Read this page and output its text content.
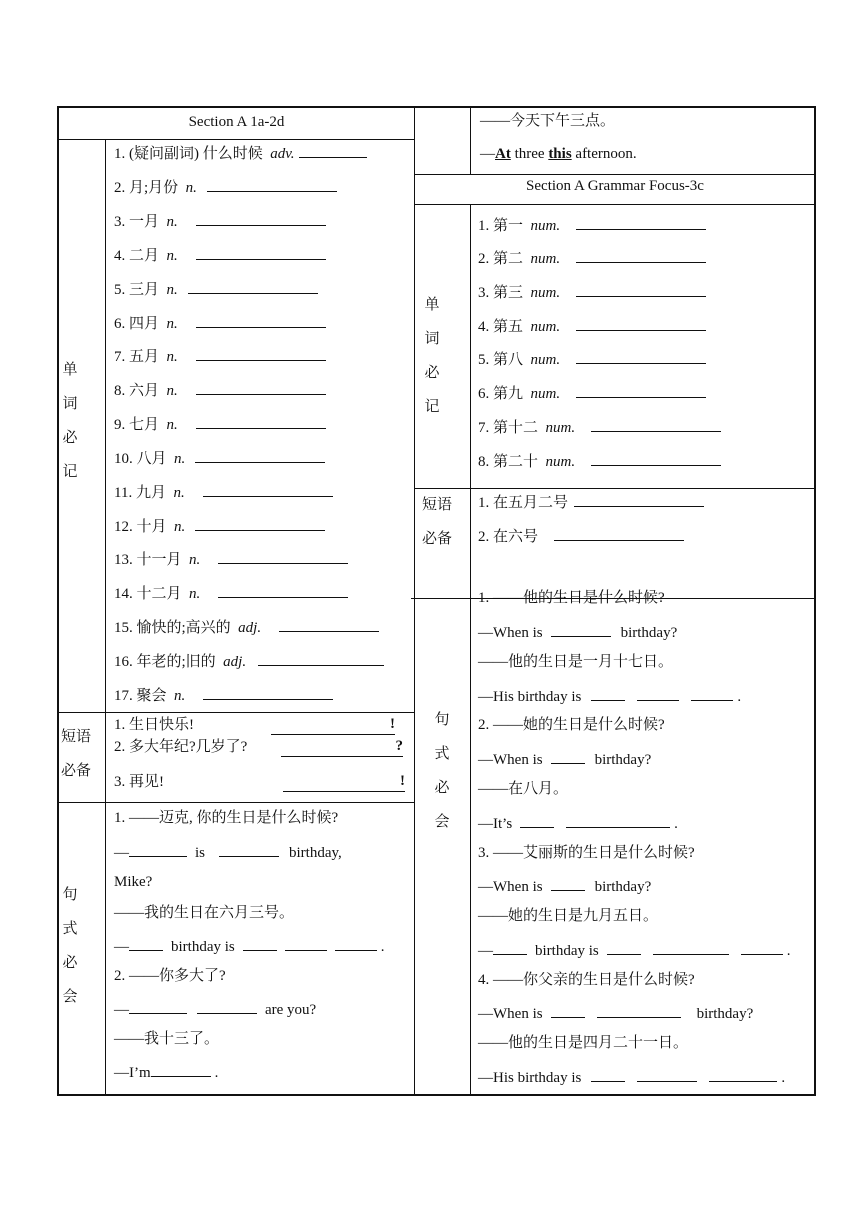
Section A 1a-2d
单
词
必
记
1. (疑问副词) 什么时候 adv.
2. 月;月份 n.
3. 一月 n.
4. 二月 n.
5. 三月 n.
6. 四月 n.
7. 五月 n.
8. 六月 n.
9. 七月 n.
10. 八月 n.
11. 九月 n.
12. 十月 n.
13. 十一月 n.
14. 十二月 n.
15. 愉快的;高兴的 adj.
16. 年老的;旧的 adj.
17. 聚会 n.
短语
必备
1. 生日快乐!	!
2. 多大年纪?几岁了?	?
3. 再见!	!
句
式
必
会
1. ——迈克, 你的生日是什么时候?
—	is	birthday,
Mike?
——我的生日在六月三号。
—	birthday is	.
2. ——你多大了?
—	are you?
——我十三了。
—I’m	.
——今天下午三点。
—At three this afternoon.
Section A Grammar Focus-3c
单
词
必
记
1. 第一 num.
2. 第二 num.
3. 第三 num.
4. 第五 num.
5. 第八 num.
6. 第九 num.
7. 第十二 num.
8. 第二十 num.
短语
必备
1. 在五月二号
2. 在六号
句
式
必
会
1. ——他的生日是什么时候?
—When is	birthday?
——他的生日是一月十七日。
—His birthday is	.
2. ——她的生日是什么时候?
—When is	birthday?
——在八月。
—It’s	.
3. ——艾丽斯的生日是什么时候?
—When is	birthday?
——她的生日是九月五日。
—	birthday is	.
4. ——你父亲的生日是什么时候?
—When is	birthday?
——他的生日是四月二十一日。
—His birthday is	.
